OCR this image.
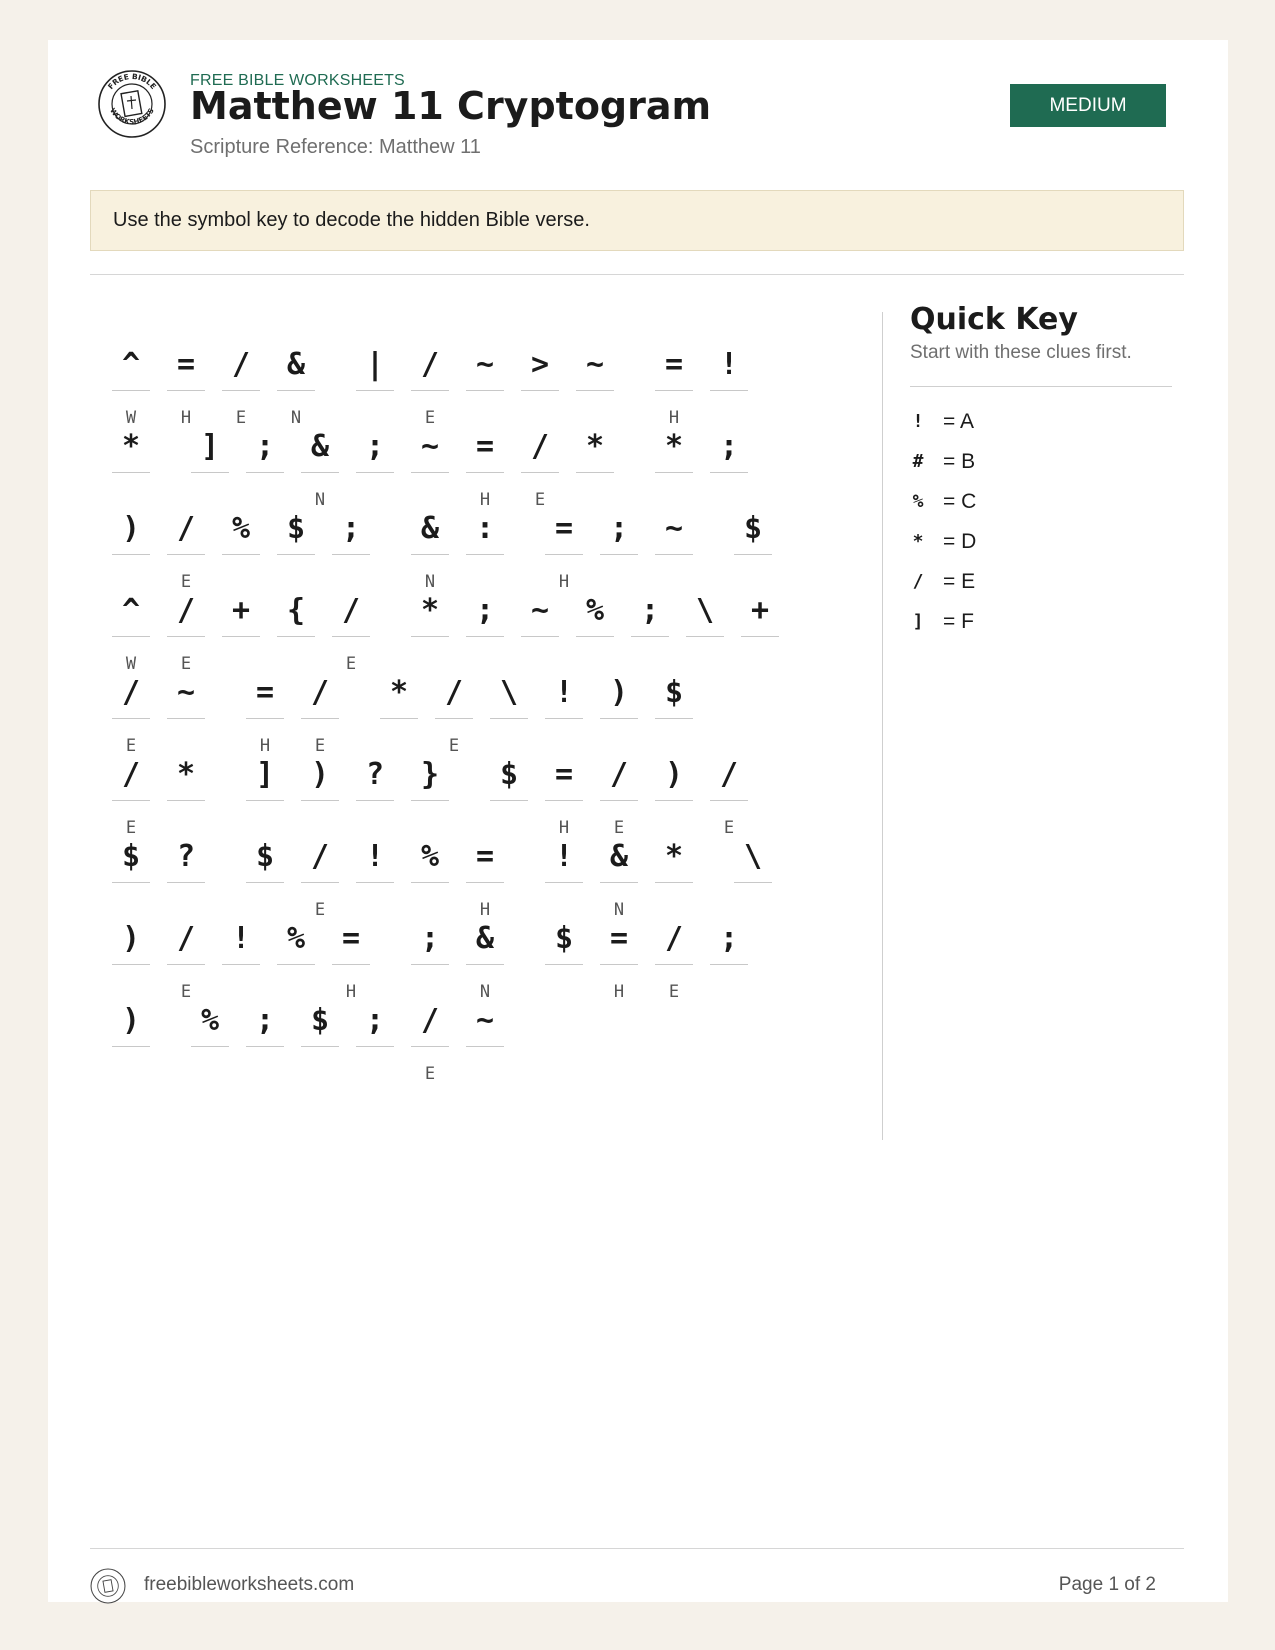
FREE BIBLE
WORKSHEETS
FREE BIBLE WORKSHEETS
Matthew 11 Cryptogram
Scripture Reference: Matthew 11
MEDIUM
Use the symbol key to decode the hidden Bible verse.
^
W
=
H
/
E
&
N
|	/
E
~	>	~	=
H
!
*	]	;	&
N
;	~	=
H
/
E
*	*	;
)	/
E
%	$	;	&
N
:	=
H
;	~	$
^
W
/
E
+	{	/
E
*	;	~	%	;	\	+
/
E
~	=
H
/
E
*	/
E
\	!	)	$
/
E
*	]	)	?	}	$	=
H
/
E
)	/
E
$	?	$	/
E
!	%	=
H
!	&
N
*	\
)	/
E
!	%	=
H
;	&
N
$	=
H
/
E
;
)	%	;	$	;	/
E
~
Quick Key
Start with these clues first.
! = A
# = B
% = C
* = D
/ = E
] = F
freebibleworksheets.com	Page 1 of 2
